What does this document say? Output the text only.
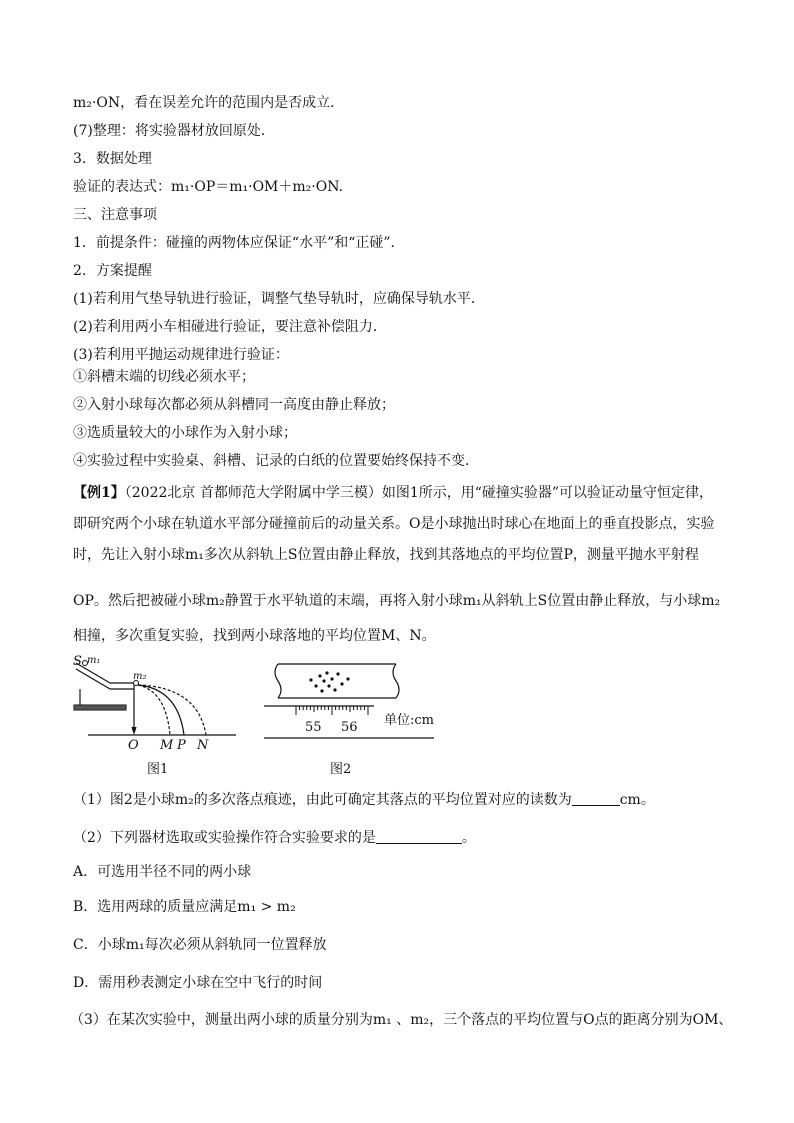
m₂·ON，看在误差允许的范围内是否成立．
(7)整理：将实验器材放回原处．
3．数据处理
验证的表达式：m₁·OP＝m₁·OM＋m₂·ON.
三、注意事项
1．前提条件：碰撞的两物体应保证“水平”和“正碰”．
2．方案提醒
(1)若利用气垫导轨进行验证，调整气垫导轨时，应确保导轨水平．
(2)若利用两小车相碰进行验证，要注意补偿阻力．
(3)若利用平抛运动规律进行验证：
①斜槽末端的切线必须水平；
②入射小球每次都必须从斜槽同一高度由静止释放；
③选质量较大的小球作为入射小球；
④实验过程中实验桌、斜槽、记录的白纸的位置要始终保持不变．
【例1】（2022北京 首都师范大学附属中学三模）如图1所示，用“碰撞实验器”可以验证动量守恒定律，
即研究两个小球在轨道水平部分碰撞前后的动量关系。O是小球抛出时球心在地面上的垂直投影点，实验
时，先让入射小球m₁多次从斜轨上S位置由静止释放，找到其落地点的平均位置P，测量平抛水平射程
OP。然后把被碰小球m₂静置于水平轨道的末端，再将入射小球m₁从斜轨上S位置由静止释放，与小球m₂
相撞，多次重复实验，找到两小球落地的平均位置M、N。
S m₁
m₂
O M P N
图1
55 56 单位:cm
图2
（1）图2是小球m₂的多次落点痕迹，由此可确定其落点的平均位置对应的读数为	cm。
（2）下列器材选取或实验操作符合实验要求的是	。
A．可选用半径不同的两小球
B．选用两球的质量应满足m₁ > m₂
C．小球m₁每次必须从斜轨同一位置释放
D．需用秒表测定小球在空中飞行的时间
（3）在某次实验中，测量出两小球的质量分别为m₁ 、m₂，三个落点的平均位置与O点的距离分别为OM、
